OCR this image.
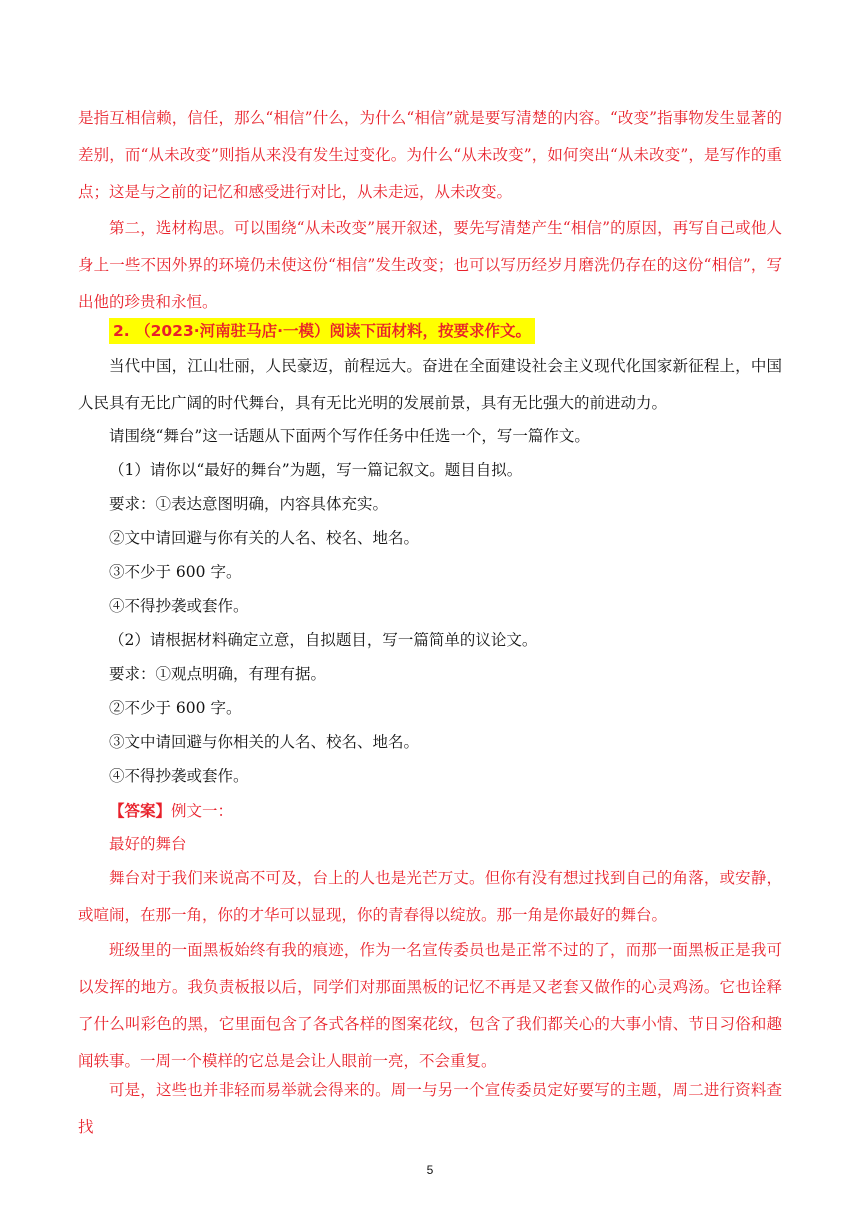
是指互相信赖，信任，那么“相信”什么，为什么“相信”就是要写清楚的内容。“改变”指事物发生显著的差别，而“从未改变”则指从来没有发生过变化。为什么“从未改变”，如何突出“从未改变”，是写作的重点；这是与之前的记忆和感受进行对比，从未走远，从未改变。

第二，选材构思。可以围绕“从未改变”展开叙述，要先写清楚产生“相信”的原因，再写自己或他人身上一些不因外界的环境仍未使这份“相信”发生改变；也可以写历经岁月磨洗仍存在的这份“相信”，写出他的珍贵和永恒。

2. （2023·河南驻马店·一模）阅读下面材料，按要求作文。

当代中国，江山壮丽，人民豪迈，前程远大。奋进在全面建设社会主义现代化国家新征程上，中国人民具有无比广阔的时代舞台，具有无比光明的发展前景，具有无比强大的前进动力。

请围绕“舞台”这一话题从下面两个写作任务中任选一个，写一篇作文。

（1）请你以“最好的舞台”为题，写一篇记叙文。题目自拟。

要求：①表达意图明确，内容具体充实。

②文中请回避与你有关的人名、校名、地名。

③不少于 600 字。

④不得抄袭或套作。

（2）请根据材料确定立意，自拟题目，写一篇简单的议论文。

要求：①观点明确，有理有据。

②不少于 600 字。

③文中请回避与你相关的人名、校名、地名。

④不得抄袭或套作。

【答案】例文一：

最好的舞台

舞台对于我们来说高不可及，台上的人也是光芒万丈。但你有没有想过找到自己的角落，或安静，或喧闹，在那一角，你的才华可以显现，你的青春得以绽放。那一角是你最好的舞台。

班级里的一面黑板始终有我的痕迹，作为一名宣传委员也是正常不过的了，而那一面黑板正是我可以发挥的地方。我负责板报以后，同学们对那面黑板的记忆不再是又老套又做作的心灵鸡汤。它也诠释了什么叫彩色的黑，它里面包含了各式各样的图案花纹，包含了我们都关心的大事小情、节日习俗和趣闻轶事。一周一个模样的它总是会让人眼前一亮，不会重复。

可是，这些也并非轻而易举就会得来的。周一与另一个宣传委员定好要写的主题，周二进行资料查找

5
